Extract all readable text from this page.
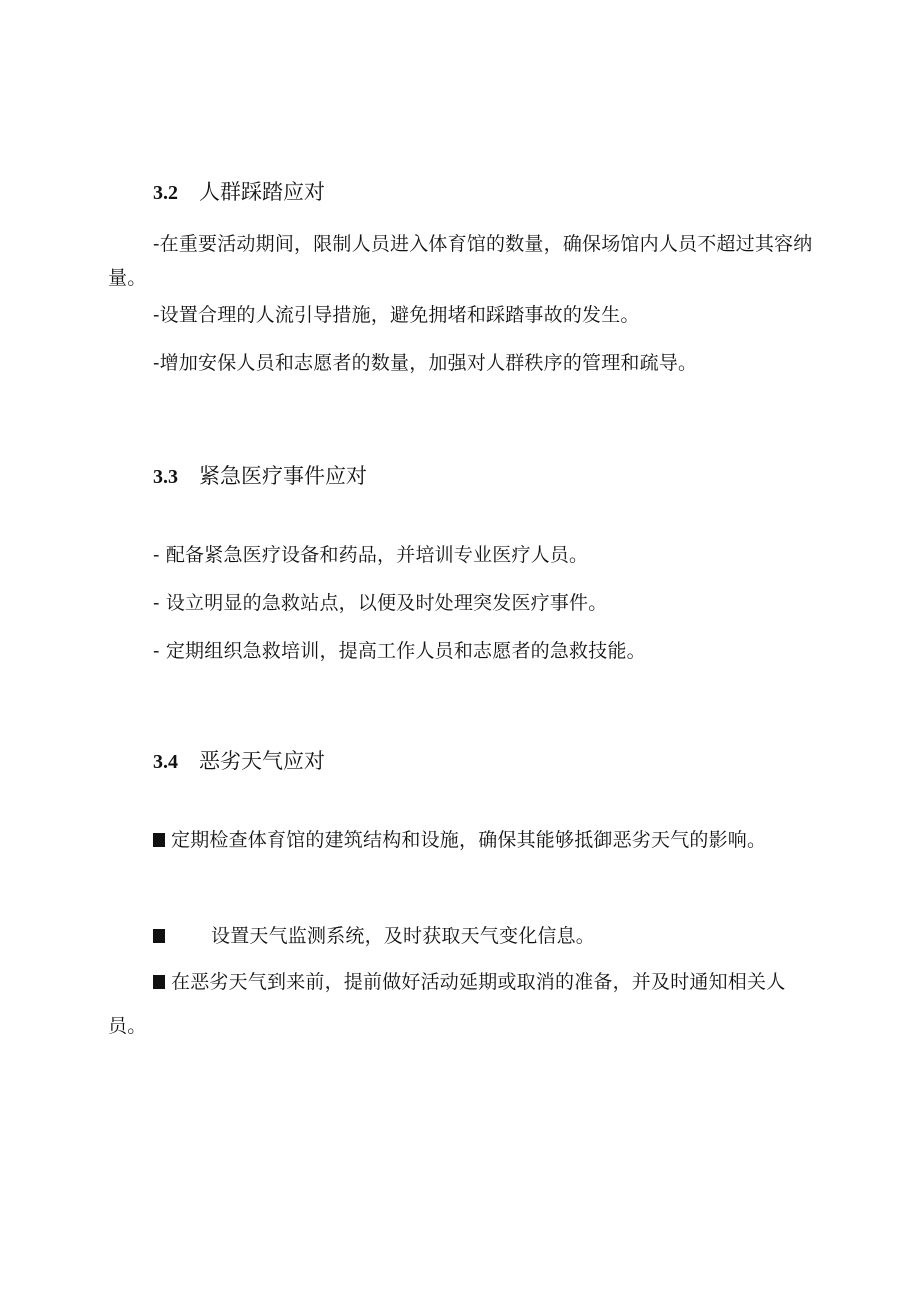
3.2 人群踩踏应对
-在重要活动期间，限制人员进入体育馆的数量，确保场馆内人员不超过其容纳量。
-设置合理的人流引导措施，避免拥堵和踩踏事故的发生。
-增加安保人员和志愿者的数量，加强对人群秩序的管理和疏导。
3.3 紧急医疗事件应对
- 配备紧急医疗设备和药品，并培训专业医疗人员。
- 设立明显的急救站点，以便及时处理突发医疗事件。
- 定期组织急救培训，提高工作人员和志愿者的急救技能。
3.4 恶劣天气应对
定期检查体育馆的建筑结构和设施，确保其能够抵御恶劣天气的影响。
设置天气监测系统，及时获取天气变化信息。
在恶劣天气到来前，提前做好活动延期或取消的准备，并及时通知相关人员。
